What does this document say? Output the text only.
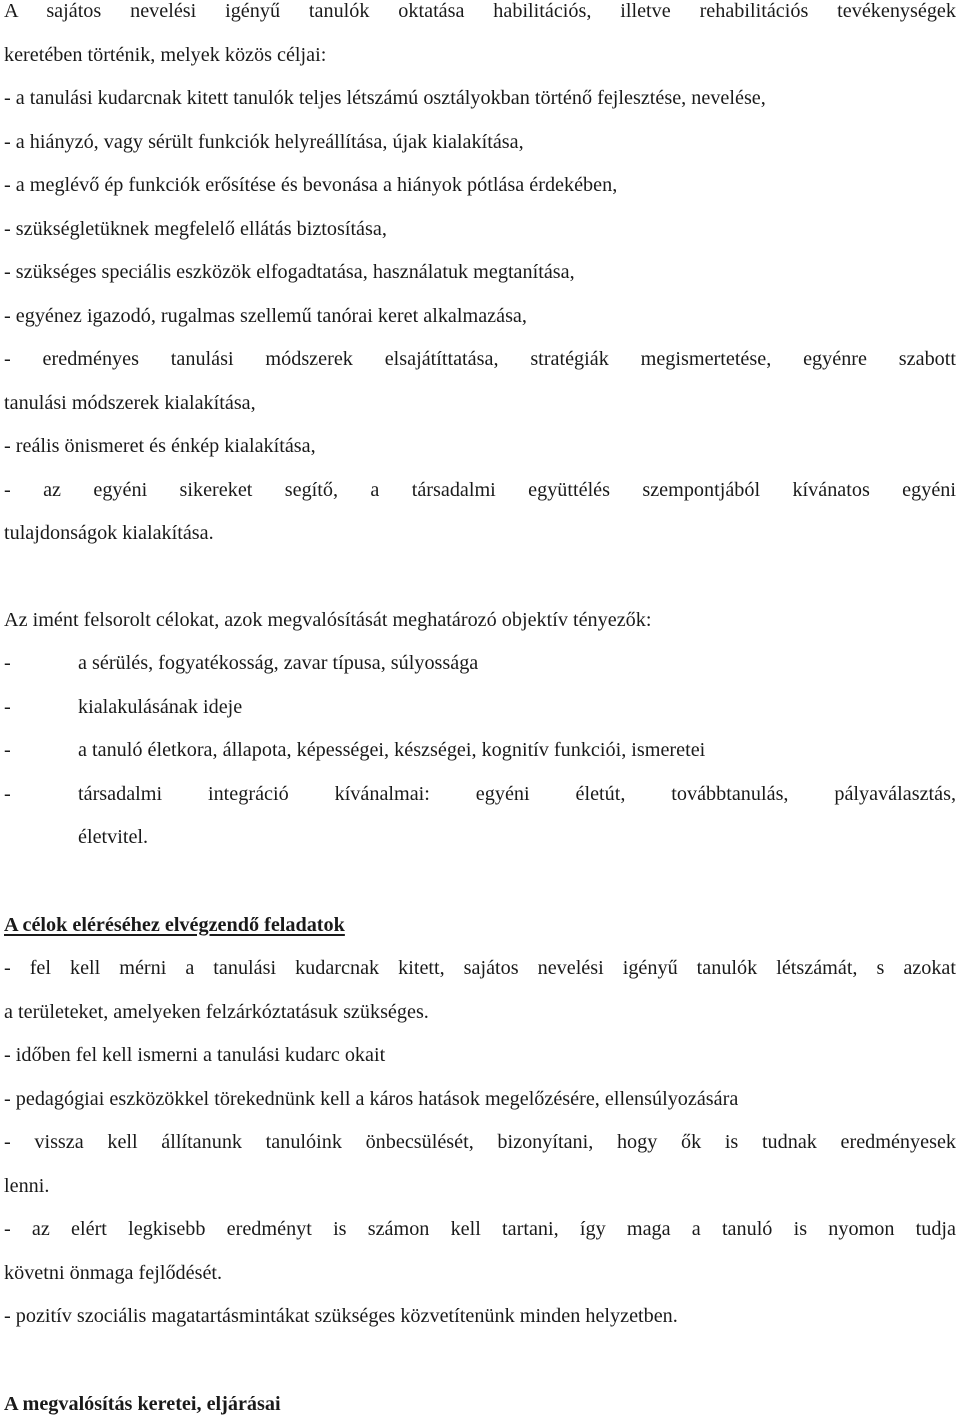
A sajátos nevelési igényű tanulók oktatása habilitációs, illetve rehabilitációs tevékenységek
keretében történik, melyek közös céljai:
- a tanulási kudarcnak kitett tanulók teljes létszámú osztályokban történő fejlesztése, nevelése,
- a hiányzó, vagy sérült funkciók helyreállítása, újak kialakítása,
- a meglévő ép funkciók erősítése és bevonása a hiányok pótlása érdekében,
- szükségletüknek megfelelő ellátás biztosítása,
- szükséges speciális eszközök elfogadtatása, használatuk megtanítása,
- egyénez igazodó, rugalmas szellemű tanórai keret alkalmazása,
- eredményes tanulási módszerek elsajátíttatása, stratégiák megismertetése, egyénre szabott
tanulási módszerek kialakítása,
- reális önismeret és énkép kialakítása,
- az egyéni sikereket segítő, a társadalmi együttélés szempontjából kívánatos egyéni
tulajdonságok kialakítása.
Az imént felsorolt célokat, azok megvalósítását meghatározó objektív tényezők:
-	a sérülés, fogyatékosság, zavar típusa, súlyossága
-	kialakulásának ideje
-	a tanuló életkora, állapota, képességei, készségei, kognitív funkciói, ismeretei
-	társadalmi integráció kívánalmai: egyéni életút, továbbtanulás, pályaválasztás,
életvitel.
A célok eléréséhez elvégzendő feladatok
- fel kell mérni a tanulási kudarcnak kitett, sajátos nevelési igényű tanulók létszámát, s azokat
a területeket, amelyeken felzárkóztatásuk szükséges.
- időben fel kell ismerni a tanulási kudarc okait
- pedagógiai eszközökkel törekednünk kell a káros hatások megelőzésére, ellensúlyozására
- vissza kell állítanunk tanulóink önbecsülését, bizonyítani, hogy ők is tudnak eredményesek
lenni.
- az elért legkisebb eredményt is számon kell tartani, így maga a tanuló is nyomon tudja
követni önmaga fejlődését.
- pozitív szociális magatartásmintákat szükséges közvetítenünk minden helyzetben.
A megvalósítás keretei, eljárásai
